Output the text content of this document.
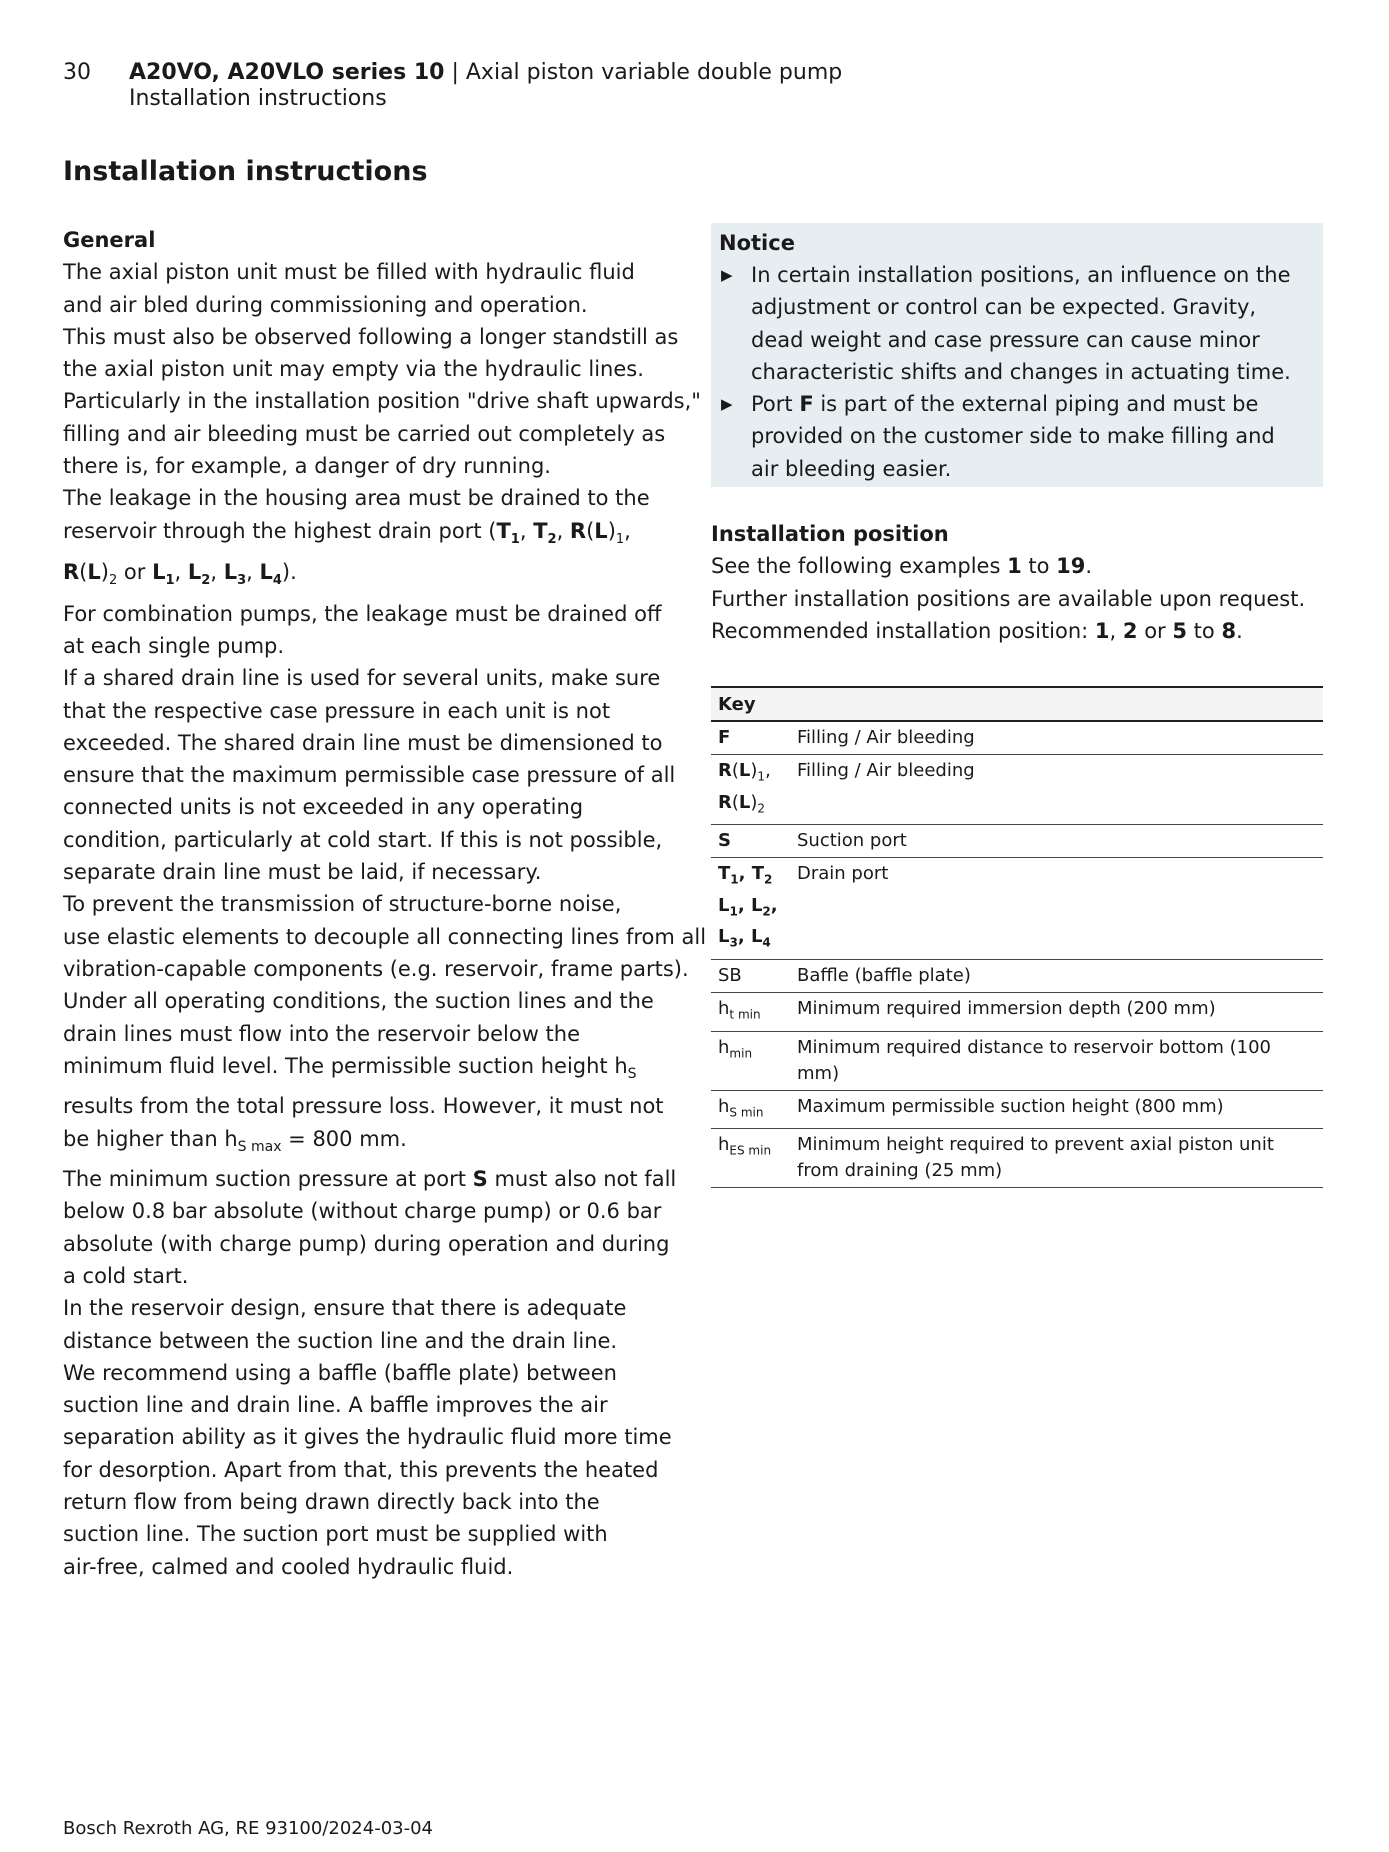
30 A20VO, A20VLO series 10 | Axial piston variable double pump
Installation instructions
Installation instructions

General

The axial piston unit must be filled with hydraulic fluid

and air bled during commissioning and operation.

This must also be observed following a longer standstill as

the axial piston unit may empty via the hydraulic lines.

Particularly in the installation position "drive shaft upwards,"

filling and air bleeding must be carried out completely as

there is, for example, a danger of dry running.

The leakage in the housing area must be drained to the

reservoir through the highest drain port ($T_1$, $T_2$, $R(L)_1$,

$R(L)_2$ or $L_1$, $L_2$, $L_3$, $L_4$).

For combination pumps, the leakage must be drained off

at each single pump.

If a shared drain line is used for several units, make sure

that the respective case pressure in each unit is not

exceeded. The shared drain line must be dimensioned to

ensure that the maximum permissible case pressure of all

connected units is not exceeded in any operating

condition, particularly at cold start. If this is not possible,

separate drain line must be laid, if necessary.

To prevent the transmission of structure-borne noise,

use elastic elements to decouple all connecting lines from all

vibration-capable components (e.g. reservoir, frame parts).

Under all operating conditions, the suction lines and the

drain lines must flow into the reservoir below the

minimum fluid level. The permissible suction height $h_S$

results from the total pressure loss. However, it must not

be higher than $h_{S max} = 800$ mm.

The minimum suction pressure at port S must also not fall

below 0.8 bar absolute (without charge pump) or 0.6 bar

absolute (with charge pump) during operation and during

a cold start.

In the reservoir design, ensure that there is adequate

distance between the suction line and the drain line.

We recommend using a baffle (baffle plate) between

suction line and drain line. A baffle improves the air

separation ability as it gives the hydraulic fluid more time

for desorption. Apart from that, this prevents the heated

return flow from being drawn directly back into the

suction line. The suction port must be supplied with

air-free, calmed and cooled hydraulic fluid.

Notice
▶ In certain installation positions, an influence on the
adjustment or control can be expected. Gravity,
dead weight and case pressure can cause minor
characteristic shifts and changes in actuating time.
▶ Port F is part of the external piping and must be
provided on the customer side to make filling and
air bleeding easier.

Installation position

See the following examples 1 to 19.

Further installation positions are available upon request.

Recommended installation position: 1, 2 or 5 to 8.

Key	
F	Filling / Air bleeding
$R(L)_1$,
$R(L)_2$	Filling / Air bleeding
S	Suction port
$T_1$, $T_2$
$L_1$, $L_2$,
$L_3$, $L_4$	Drain port
SB	Baffle (baffle plate)
$h_{t min}$	Minimum required immersion depth (200 mm)
$h_{min}$	Minimum required distance to reservoir bottom (100 mm)
$h_{S min}$	Maximum permissible suction height (800 mm)
$h_{ES min}$	Minimum height required to prevent axial piston unit from draining (25 mm)
Bosch Rexroth AG, RE 93100/2024-03-04
